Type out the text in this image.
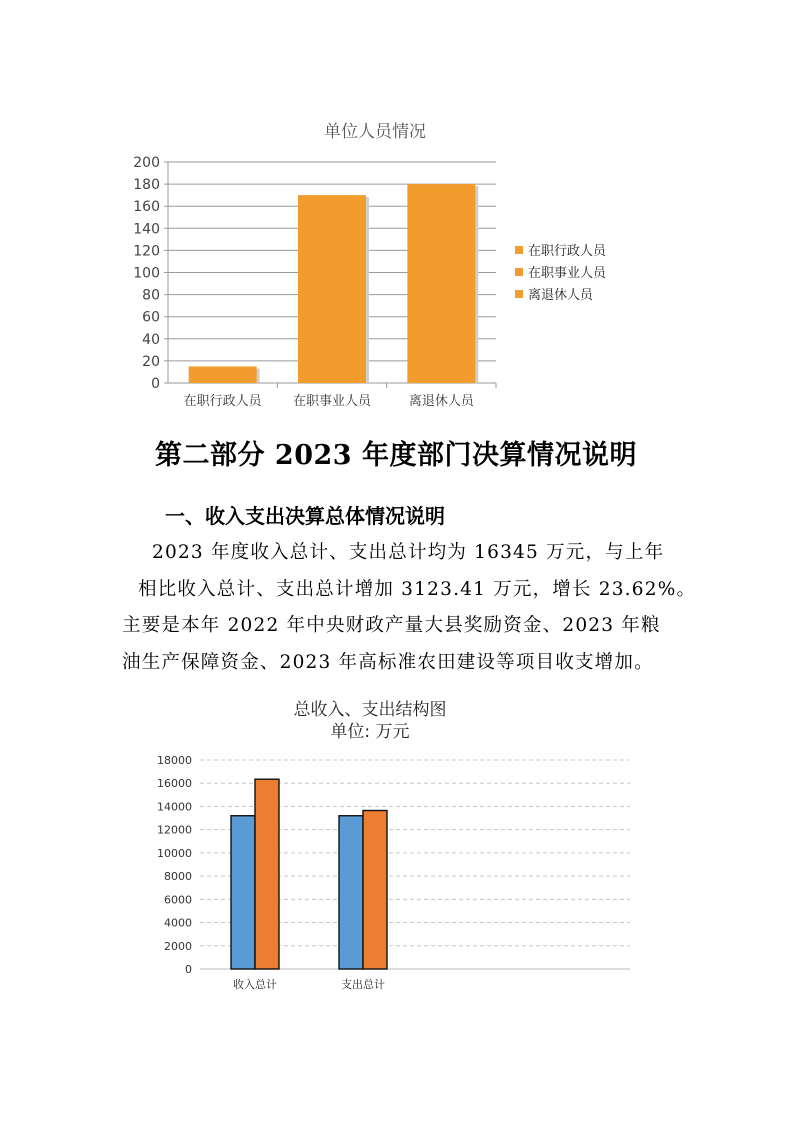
单位人员情况
0
20
40
60
80
100
120
140
160
180
200
在职行政人员 在职事业人员	离退休人员
在职行政人员
在职事业人员
离退休人员
第二部分 2023 年度部门决算情况说明
一、收入支出决算总体情况说明
2023 年度收入总计、支出总计均为 16345 万元，与上年
相比收入总计、支出总计增加 3123.41 万元，增长 23.62%。
主要是本年 2022 年中央财政产量大县奖励资金、2023 年粮
油生产保障资金、2023 年高标准农田建设等项目收支增加。
总收入、支出结构图
单位: 万元
0
2000
4000
6000
8000
10000
12000
14000
16000
18000
收入总计	支出总计
